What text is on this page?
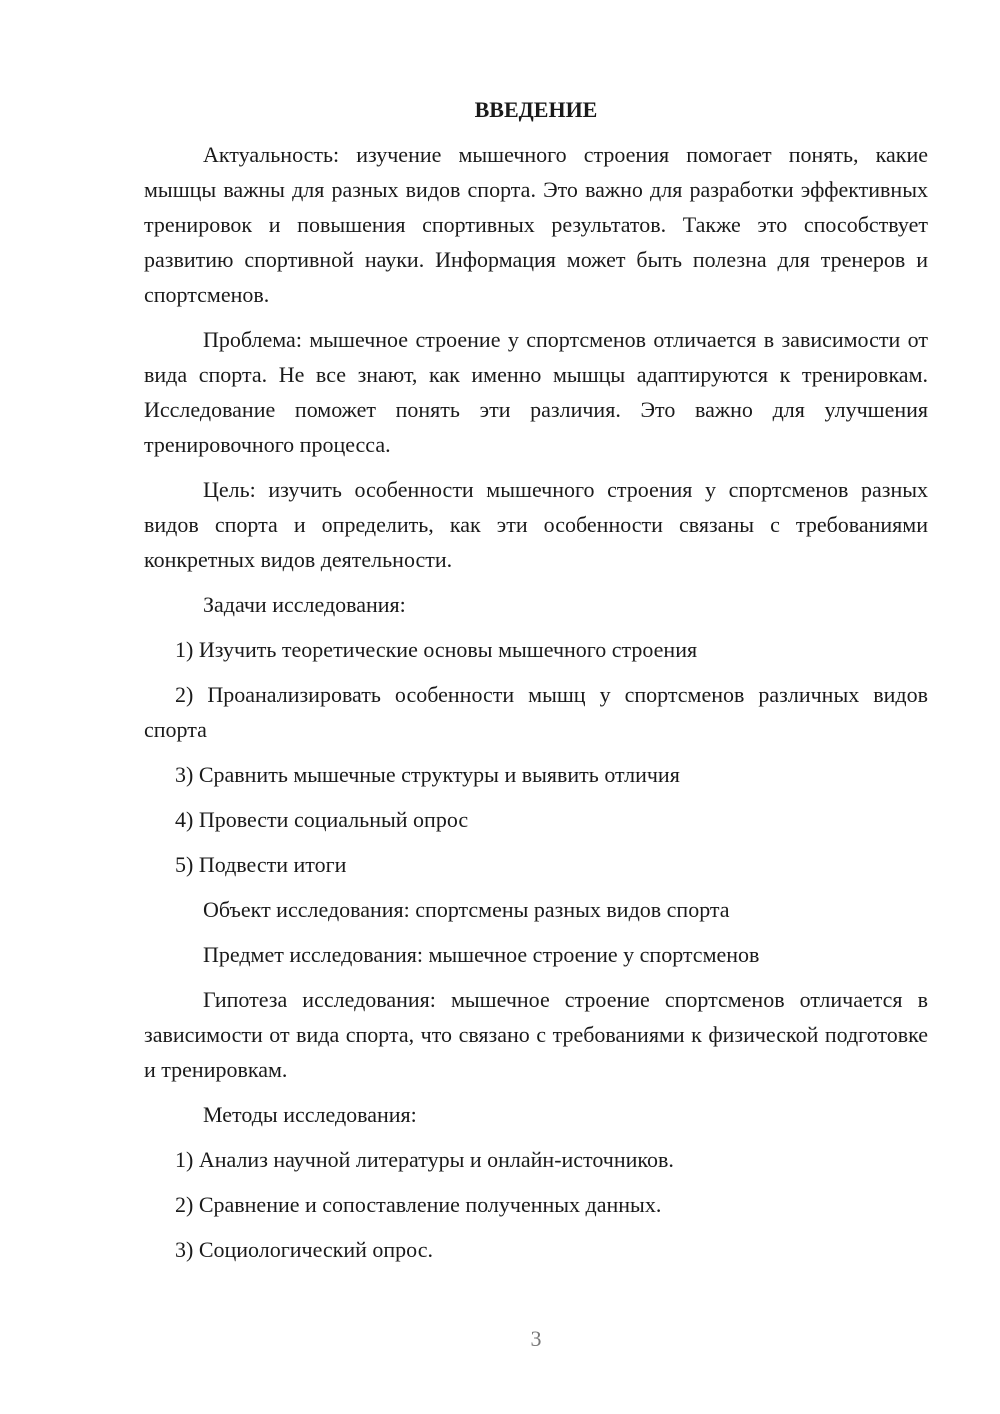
ВВЕДЕНИЕ

Актуальность: изучение мышечного строения помогает понять, какие мышцы важны для разных видов спорта. Это важно для разработки эффективных тренировок и повышения спортивных результатов. Также это способствует развитию спортивной науки. Информация может быть полезна для тренеров и спортсменов.

Проблема: мышечное строение у спортсменов отличается в зависимости от вида спорта. Не все знают, как именно мышцы адаптируются к тренировкам. Исследование поможет понять эти различия. Это важно для улучшения тренировочного процесса.

Цель: изучить особенности мышечного строения у спортсменов разных видов спорта и определить, как эти особенности связаны с требованиями конкретных видов деятельности.

Задачи исследования:

1) Изучить теоретические основы мышечного строения

2) Проанализировать особенности мышц у спортсменов различных видов спорта

3) Сравнить мышечные структуры и выявить отличия

4) Провести социальный опрос

5) Подвести итоги

Объект исследования: спортсмены разных видов спорта

Предмет исследования: мышечное строение у спортсменов

Гипотеза исследования: мышечное строение спортсменов отличается в зависимости от вида спорта, что связано с требованиями к физической подготовке и тренировкам.

Методы исследования:

1) Анализ научной литературы и онлайн-источников.

2) Сравнение и сопоставление полученных данных.

3) Социологический опрос.

3
